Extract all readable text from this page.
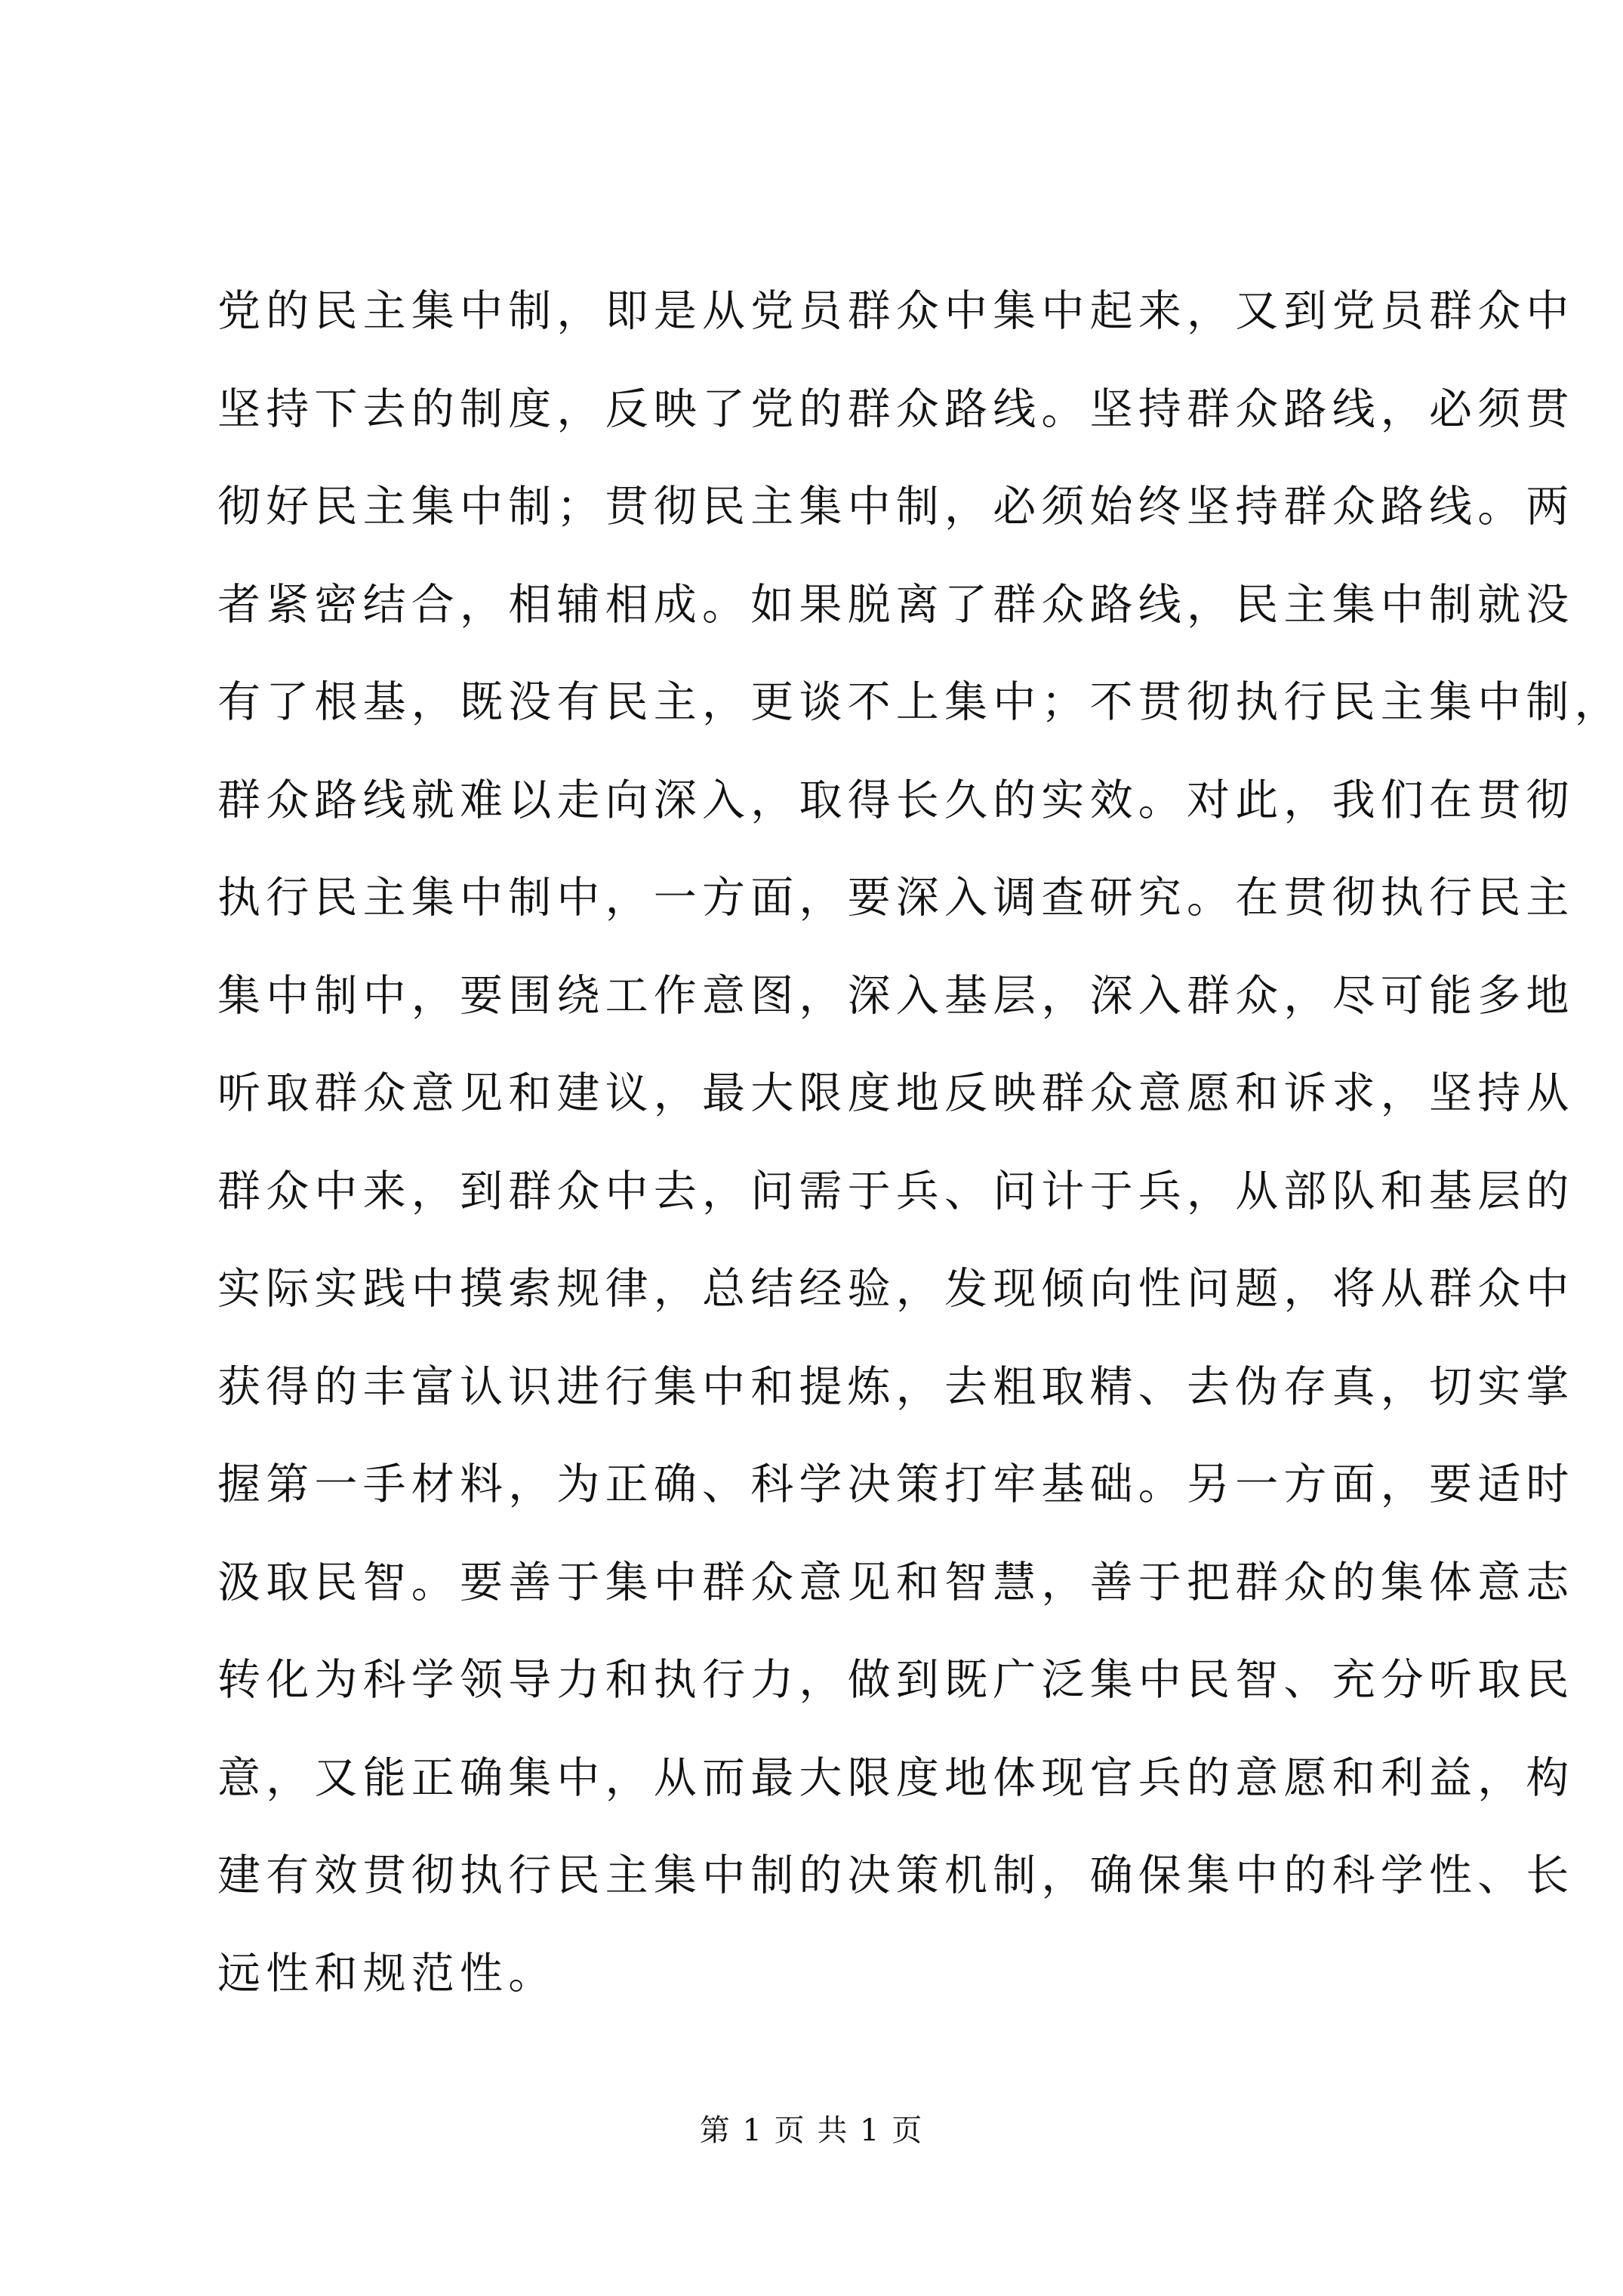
党的民主集中制，即是从党员群众中集中起来，又到党员群众中
坚持下去的制度，反映了党的群众路线。坚持群众路线，必须贯
彻好民主集中制；贯彻民主集中制，必须始终坚持群众路线。两
者紧密结合，相辅相成。如果脱离了群众路线，民主集中制就没
有了根基，既没有民主，更谈不上集中；不贯彻执行民主集中制，
群众路线就难以走向深入，取得长久的实效。对此，我们在贯彻
执行民主集中制中，一方面，要深入调查研究。在贯彻执行民主
集中制中，要围绕工作意图，深入基层，深入群众，尽可能多地
听取群众意见和建议，最大限度地反映群众意愿和诉求，坚持从
群众中来，到群众中去，问需于兵、问计于兵，从部队和基层的
实际实践中摸索规律，总结经验，发现倾向性问题，将从群众中
获得的丰富认识进行集中和提炼，去粗取精、去伪存真，切实掌
握第一手材料，为正确、科学决策打牢基础。另一方面，要适时
汲取民智。要善于集中群众意见和智慧，善于把群众的集体意志
转化为科学领导力和执行力，做到既广泛集中民智、充分听取民
意，又能正确集中，从而最大限度地体现官兵的意愿和利益，构
建有效贯彻执行民主集中制的决策机制，确保集中的科学性、长
远性和规范性。
第 1 页 共 1 页
